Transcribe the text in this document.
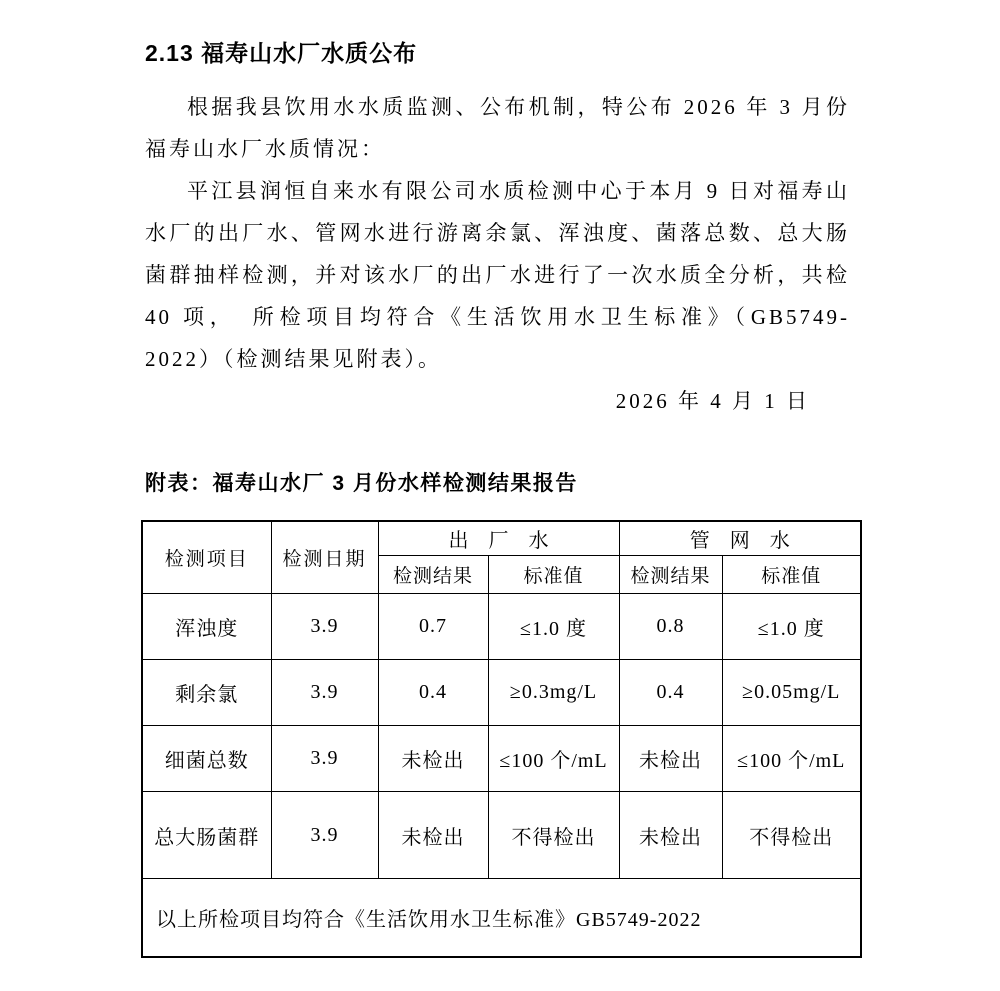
2.13 福寿山水厂水质公布

根据我县饮用水水质监测、公布机制，特公布 2026 年 3 月份福寿山水厂水质情况：

平江县润恒自来水有限公司水质检测中心于本月 9 日对福寿山水厂的出厂水、管网水进行游离余氯、浑浊度、菌落总数、总大肠菌群抽样检测，并对该水厂的出厂水进行了一次水质全分析，共检 40 项，　所检项目均符合《生活饮用水卫生标准》（GB5749-2022）（检测结果见附表）。

2026 年 4 月 1 日
附表：福寿山水厂 3 月份水样检测结果报告
检测项目	检测日期	出　厂　水		管　网　水	
		检测结果	标准值	检测结果	标准值
浑浊度	3.9	0.7	≤1.0 度	0.8	≤1.0 度
剩余氯	3.9	0.4	≥0.3mg/L	0.4	≥0.05mg/L
细菌总数	3.9	未检出	≤100 个/mL	未检出	≤100 个/mL
总大肠菌群	3.9	未检出	不得检出	未检出	不得检出
以上所检项目均符合《生活饮用水卫生标准》GB5749-2022					
